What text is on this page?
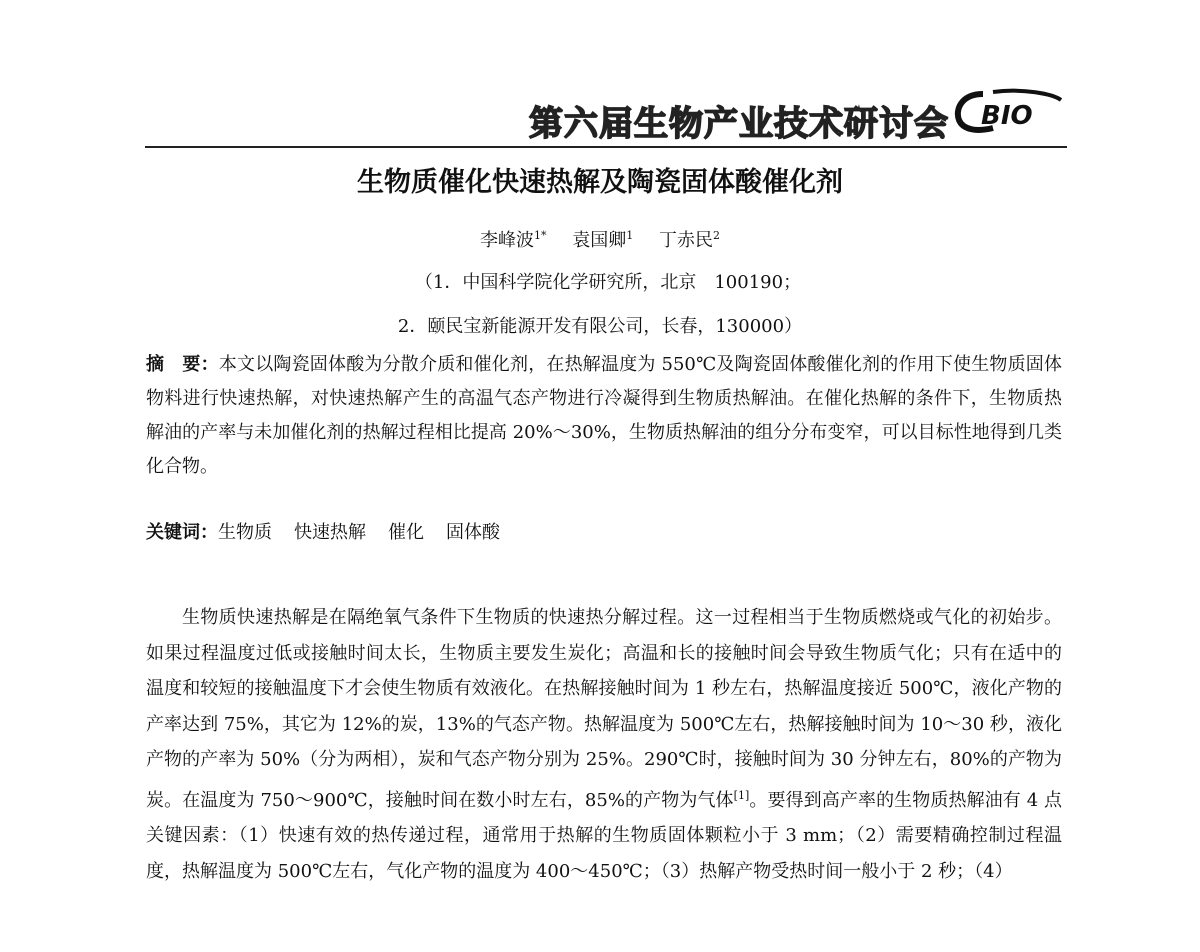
第六届生物产业技术研讨会 BIO
生物质催化快速热解及陶瓷固体酸催化剂
李峰波$^{1*}$ 袁国卿$^1$ 丁赤民$^2$
（1．中国科学院化学研究所，北京　100190；
2．颐民宝新能源开发有限公司，长春，130000）
摘　要：本文以陶瓷固体酸为分散介质和催化剂，在热解温度为 550℃及陶瓷固体酸催化剂的作用下使生物质固体物料进行快速热解，对快速热解产生的高温气态产物进行冷凝得到生物质热解油。在催化热解的条件下，生物质热解油的产率与未加催化剂的热解过程相比提高 20%～30%，生物质热解油的组分分布变窄，可以目标性地得到几类化合物。
关键词：生物质 快速热解 催化 固体酸
生物质快速热解是在隔绝氧气条件下生物质的快速热分解过程。这一过程相当于生物质燃烧或气化的初始步。如果过程温度过低或接触时间太长，生物质主要发生炭化；高温和长的接触时间会导致生物质气化；只有在适中的温度和较短的接触温度下才会使生物质有效液化。在热解接触时间为 1 秒左右，热解温度接近 500℃，液化产物的产率达到 75%，其它为 12%的炭，13%的气态产物。热解温度为 500℃左右，热解接触时间为 10～30 秒，液化产物的产率为 50%（分为两相），炭和气态产物分别为 25%。290℃时，接触时间为 30 分钟左右，80%的产物为炭。在温度为 750～900℃，接触时间在数小时左右，85%的产物为气体[1]。要得到高产率的生物质热解油有 4 点关键因素：（1）快速有效的热传递过程，通常用于热解的生物质固体颗粒小于 3 mm；（2）需要精确控制过程温度，热解温度为 500℃左右，气化产物的温度为 400～450℃；（3）热解产物受热时间一般小于 2 秒；（4）
